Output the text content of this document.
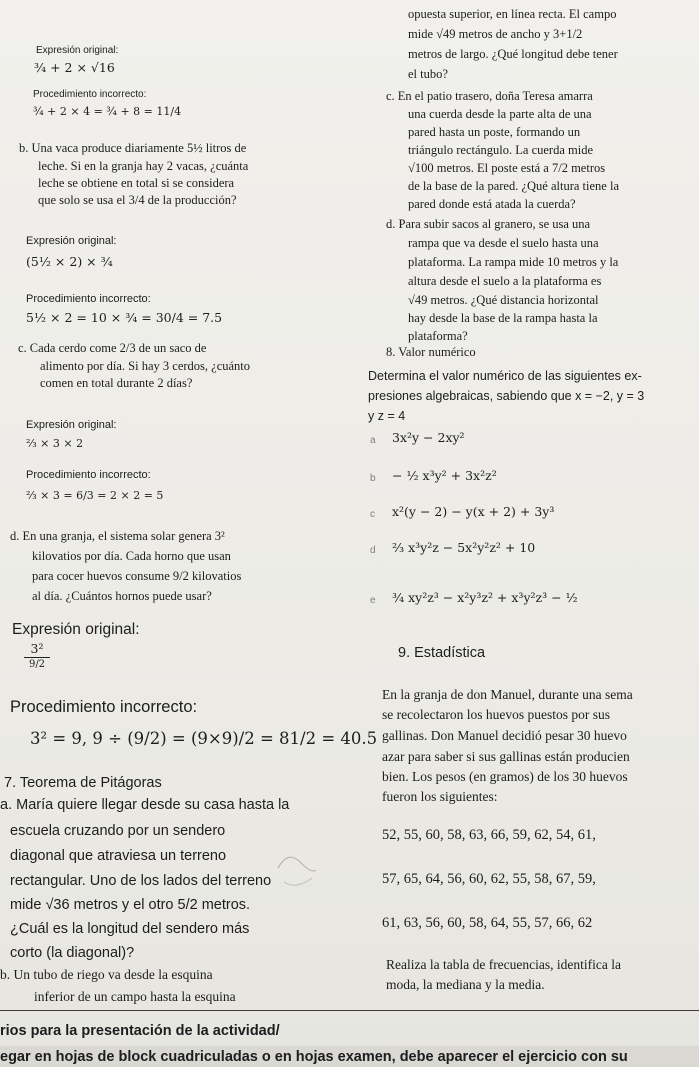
Expresión original:
¾ + 2 × √16
Procedimiento incorrecto:
¾ + 2 × 4 = ¾ + 8 = 11/4
b. Una vaca produce diariamente 5½ litros de
leche. Si en la granja hay 2 vacas, ¿cuánta
leche se obtiene en total si se considera
que solo se usa el 3/4 de la producción?
Expresión original:
(5½ × 2) × ¾
Procedimiento incorrecto:
5½ × 2 = 10 × ¾ = 30/4 = 7.5
c. Cada cerdo come 2/3 de un saco de
alimento por día. Si hay 3 cerdos, ¿cuánto
comen en total durante 2 días?
Expresión original:
⅔ × 3 × 2
Procedimiento incorrecto:
⅔ × 3 = 6/3 = 2 × 2 = 5
d. En una granja, el sistema solar genera 3²
kilovatios por día. Cada horno que usan
para cocer huevos consume 9/2 kilovatios
al día. ¿Cuántos hornos puede usar?
Expresión original:
3²
9/2
Procedimiento incorrecto:
3² = 9, 9 ÷ (9/2) = (9×9)/2 = 81/2 = 40.5
7. Teorema de Pitágoras
a. María quiere llegar desde su casa hasta la
escuela cruzando por un sendero
diagonal que atraviesa un terreno
rectangular. Uno de los lados del terreno
mide √36 metros y el otro 5/2 metros.
¿Cuál es la longitud del sendero más
corto (la diagonal)?
b. Un tubo de riego va desde la esquina
inferior de un campo hasta la esquina
opuesta superior, en línea recta. El campo
mide √49 metros de ancho y 3+1/2
metros de largo. ¿Qué longitud debe tener
el tubo?
c. En el patio trasero, doña Teresa amarra
una cuerda desde la parte alta de una
pared hasta un poste, formando un
triángulo rectángulo. La cuerda mide
√100 metros. El poste está a 7/2 metros
de la base de la pared. ¿Qué altura tiene la
pared donde está atada la cuerda?
d. Para subir sacos al granero, se usa una
rampa que va desde el suelo hasta una
plataforma. La rampa mide 10 metros y la
altura desde el suelo a la plataforma es
√49 metros. ¿Qué distancia horizontal
hay desde la base de la rampa hasta la
plataforma?
8. Valor numérico
Determina el valor numérico de las siguientes ex-
presiones algebraicas, sabiendo que x = −2, y = 3
y z = 4
a 3x²y − 2xy²
b − ½ x³y² + 3x²z²
c x²(y − 2) − y(x + 2) + 3y³
d ⅔ x³y²z − 5x²y²z² + 10
e ¾ xy²z³ − x²y³z² + x³y²z³ − ½
9. Estadística
En la granja de don Manuel, durante una sema
se recolectaron los huevos puestos por sus
gallinas. Don Manuel decidió pesar 30 huevo
azar para saber si sus gallinas están producien
bien. Los pesos (en gramos) de los 30 huevos
fueron los siguientes:
52, 55, 60, 58, 63, 66, 59, 62, 54, 61,
57, 65, 64, 56, 60, 62, 55, 58, 67, 59,
61, 63, 56, 60, 58, 64, 55, 57, 66, 62
Realiza la tabla de frecuencias, identifica la
moda, la mediana y la media.
rios para la presentación de la actividad/
egar en hojas de block cuadriculadas o en hojas examen, debe aparecer el ejercicio con su
